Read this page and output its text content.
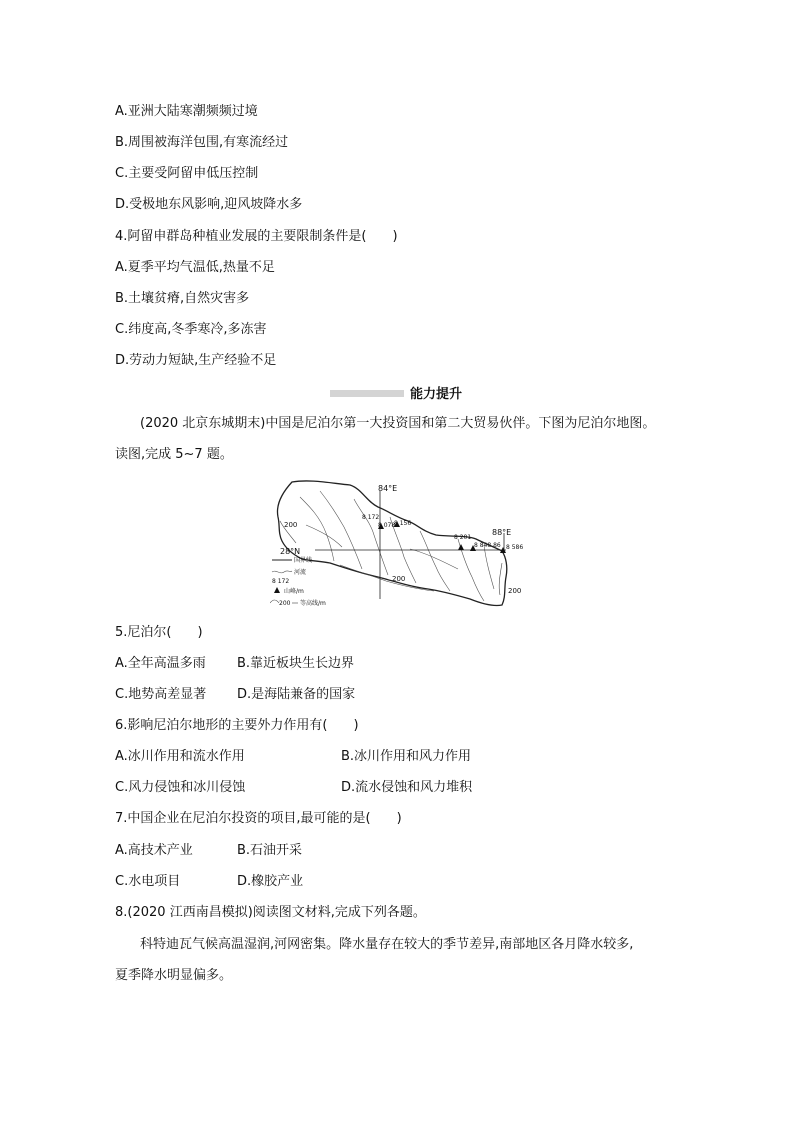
A.亚洲大陆寒潮频频过境
B.周围被海洋包围,有寒流经过
C.主要受阿留申低压控制
D.受极地东风影响,迎风坡降水多
4.阿留申群岛种植业发展的主要限制条件是(　　)
A.夏季平均气温低,热量不足
B.土壤贫瘠,自然灾害多
C.纬度高,冬季寒冷,多冻害
D.劳动力短缺,生产经验不足
能力提升
(2020 北京东城期末)中国是尼泊尔第一大投资国和第二大贸易伙伴。下图为尼泊尔地图。
读图,完成 5~7 题。
84°E
88°E
28°N
8 172
8 078
8 156
8 201
8 848.86 8 586
200
200
200
国界线
河流
8 172
山峰/m
200 等高线/m
5.尼泊尔(　　)
A.全年高温多雨 B.靠近板块生长边界
C.地势高差显著 D.是海陆兼备的国家
6.影响尼泊尔地形的主要外力作用有(　　)
A.冰川作用和流水作用	B.冰川作用和风力作用
C.风力侵蚀和冰川侵蚀	D.流水侵蚀和风力堆积
7.中国企业在尼泊尔投资的项目,最可能的是(　　)
A.高技术产业	B.石油开采
C.水电项目	D.橡胶产业
8.(2020 江西南昌模拟)阅读图文材料,完成下列各题。
科特迪瓦气候高温湿润,河网密集。降水量存在较大的季节差异,南部地区各月降水较多,
夏季降水明显偏多。
